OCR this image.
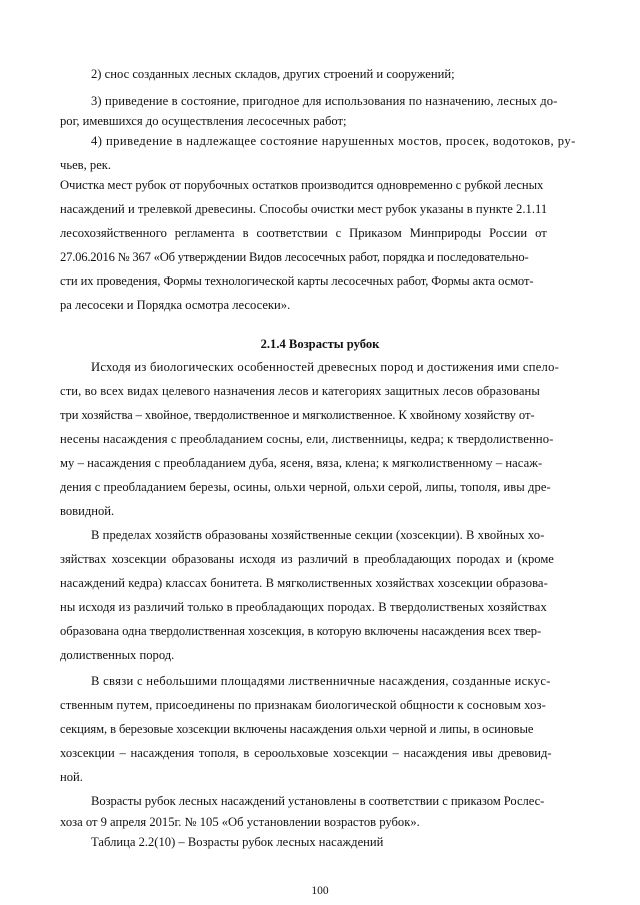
2) снос созданных лесных складов, других строений и сооружений;
3) приведение в состояние, пригодное для использования по назначению, лесных до-
рог, имевшихся до осуществления лесосечных работ;
4) приведение в надлежащее состояние нарушенных мостов, просек, водотоков, ру-
чьев, рек.
Очистка мест рубок от порубочных остатков производится одновременно с рубкой лесных
насаждений и трелевкой древесины. Способы очистки мест рубок указаны в пункте 2.1.11
лесохозяйственного регламента в соответствии с Приказом Минприроды России от
27.06.2016 № 367 «Об утверждении Видов лесосечных работ, порядка и последовательно-
сти их проведения, Формы технологической карты лесосечных работ, Формы акта осмот-
ра лесосеки и Порядка осмотра лесосеки».
2.1.4 Возрасты рубок
Исходя из биологических особенностей древесных пород и достижения ими спело-
сти, во всех видах целевого назначения лесов и категориях защитных лесов образованы
три хозяйства – хвойное, твердолиственное и мягколиственное. К хвойному хозяйству от-
несены насаждения с преобладанием сосны, ели, лиственницы, кедра; к твердолиственно-
му – насаждения с преобладанием дуба, ясеня, вяза, клена; к мягколиственному – насаж-
дения с преобладанием березы, осины, ольхи черной, ольхи серой, липы, тополя, ивы дре-
вовидной.
В пределах хозяйств образованы хозяйственные секции (хозсекции). В хвойных хо-
зяйствах хозсекции образованы исходя из различий в преобладающих породах и (кроме
насаждений кедра) классах бонитета. В мягколиственных хозяйствах хозсекции образова-
ны исходя из различий только в преобладающих породах. В твердолиственых хозяйствах
образована одна твердолиственная хозсекция, в которую включены насаждения всех твер-
долиственных пород.
В связи с небольшими площадями лиственничные насаждения, созданные искус-
ственным путем, присоединены по признакам биологической общности к сосновым хоз-
секциям, в березовые хозсекции включены насаждения ольхи черной и липы, в осиновые
хозсекции – насаждения тополя, в сероольховые хозсекции – насаждения ивы древовид-
ной.
Возрасты рубок лесных насаждений установлены в соответствии с приказом Рослес-
хоза от 9 апреля 2015г. № 105 «Об установлении возрастов рубок».
Таблица 2.2(10) – Возрасты рубок лесных насаждений
100
